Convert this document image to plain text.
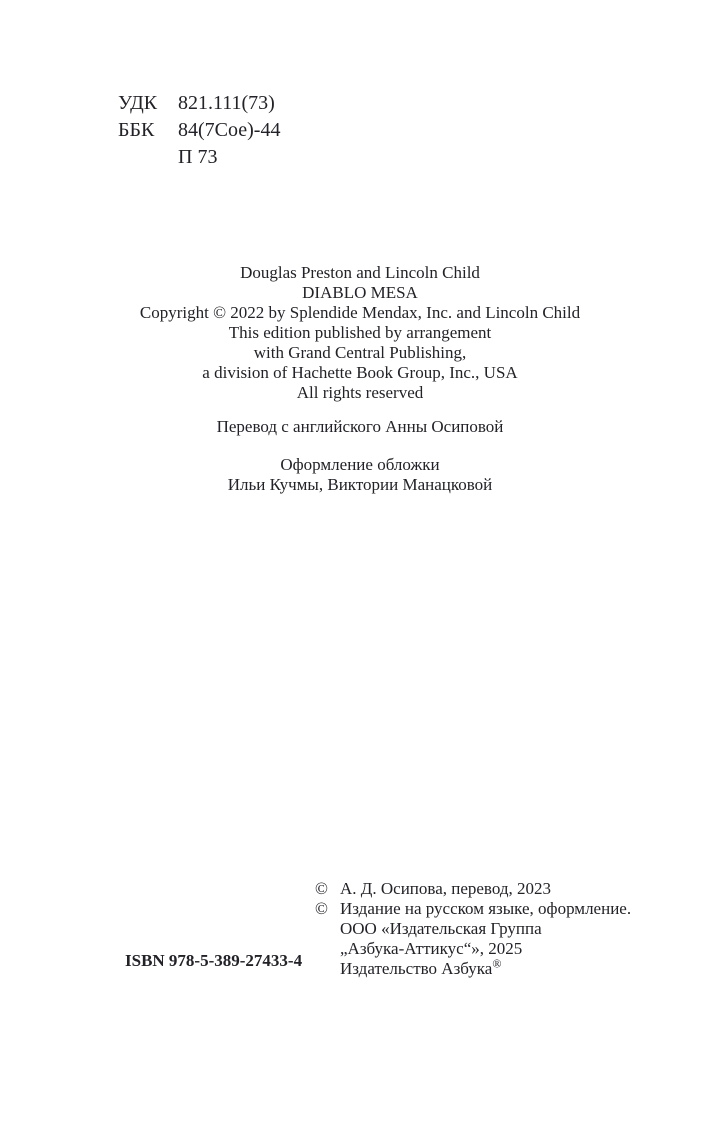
УДК	821.111(73)
ББК	84(7Сое)-44
П 73
Douglas Preston and Lincoln Child
DIABLO MESA
Copyright © 2022 by Splendide Mendax, Inc. and Lincoln Child
This edition published by arrangement
with Grand Central Publishing,
a division of Hachette Book Group, Inc., USA
All rights reserved
Перевод с английского Анны Осиповой
Оформление обложки
Ильи Кучмы, Виктории Манацковой
ISBN 978-5-389-27433-4
© А. Д. Осипова, перевод, 2023
© Издание на русском языке, оформление.
ООО «Издательская Группа
„Азбука-Аттикус“», 2025
Издательство Азбука®
